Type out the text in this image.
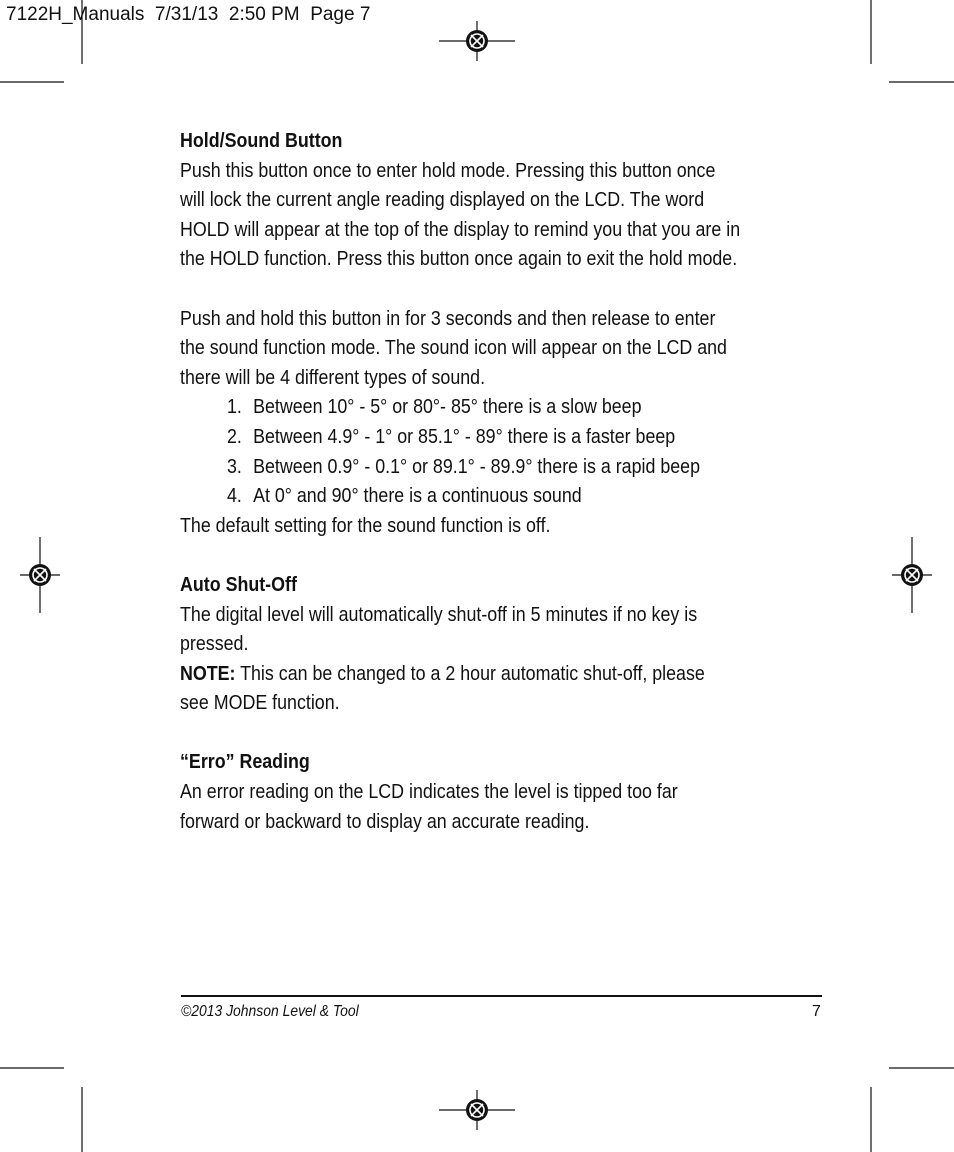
7122H_Manuals  7/31/13  2:50 PM  Page 7

Hold/Sound Button

Push this button once to enter hold mode. Pressing this button once

will lock the current angle reading displayed on the LCD. The word

HOLD will appear at the top of the display to remind you that you are in

the HOLD function. Press this button once again to exit the hold mode.

Push and hold this button in for 3 seconds and then release to enter

the sound function mode. The sound icon will appear on the LCD and

there will be 4 different types of sound.

1. Between 10° - 5° or 80°- 85° there is a slow beep
2. Between 4.9° - 1° or 85.1° - 89° there is a faster beep
3. Between 0.9° - 0.1° or 89.1° - 89.9° there is a rapid beep
4. At 0° and 90° there is a continuous sound

The default setting for the sound function is off.

Auto Shut-Off

The digital level will automatically shut-off in 5 minutes if no key is

pressed.

NOTE: This can be changed to a 2 hour automatic shut-off, please

see MODE function.

“Erro” Reading

An error reading on the LCD indicates the level is tipped too far

forward or backward to display an accurate reading.

©2013 Johnson Level & Tool	7
